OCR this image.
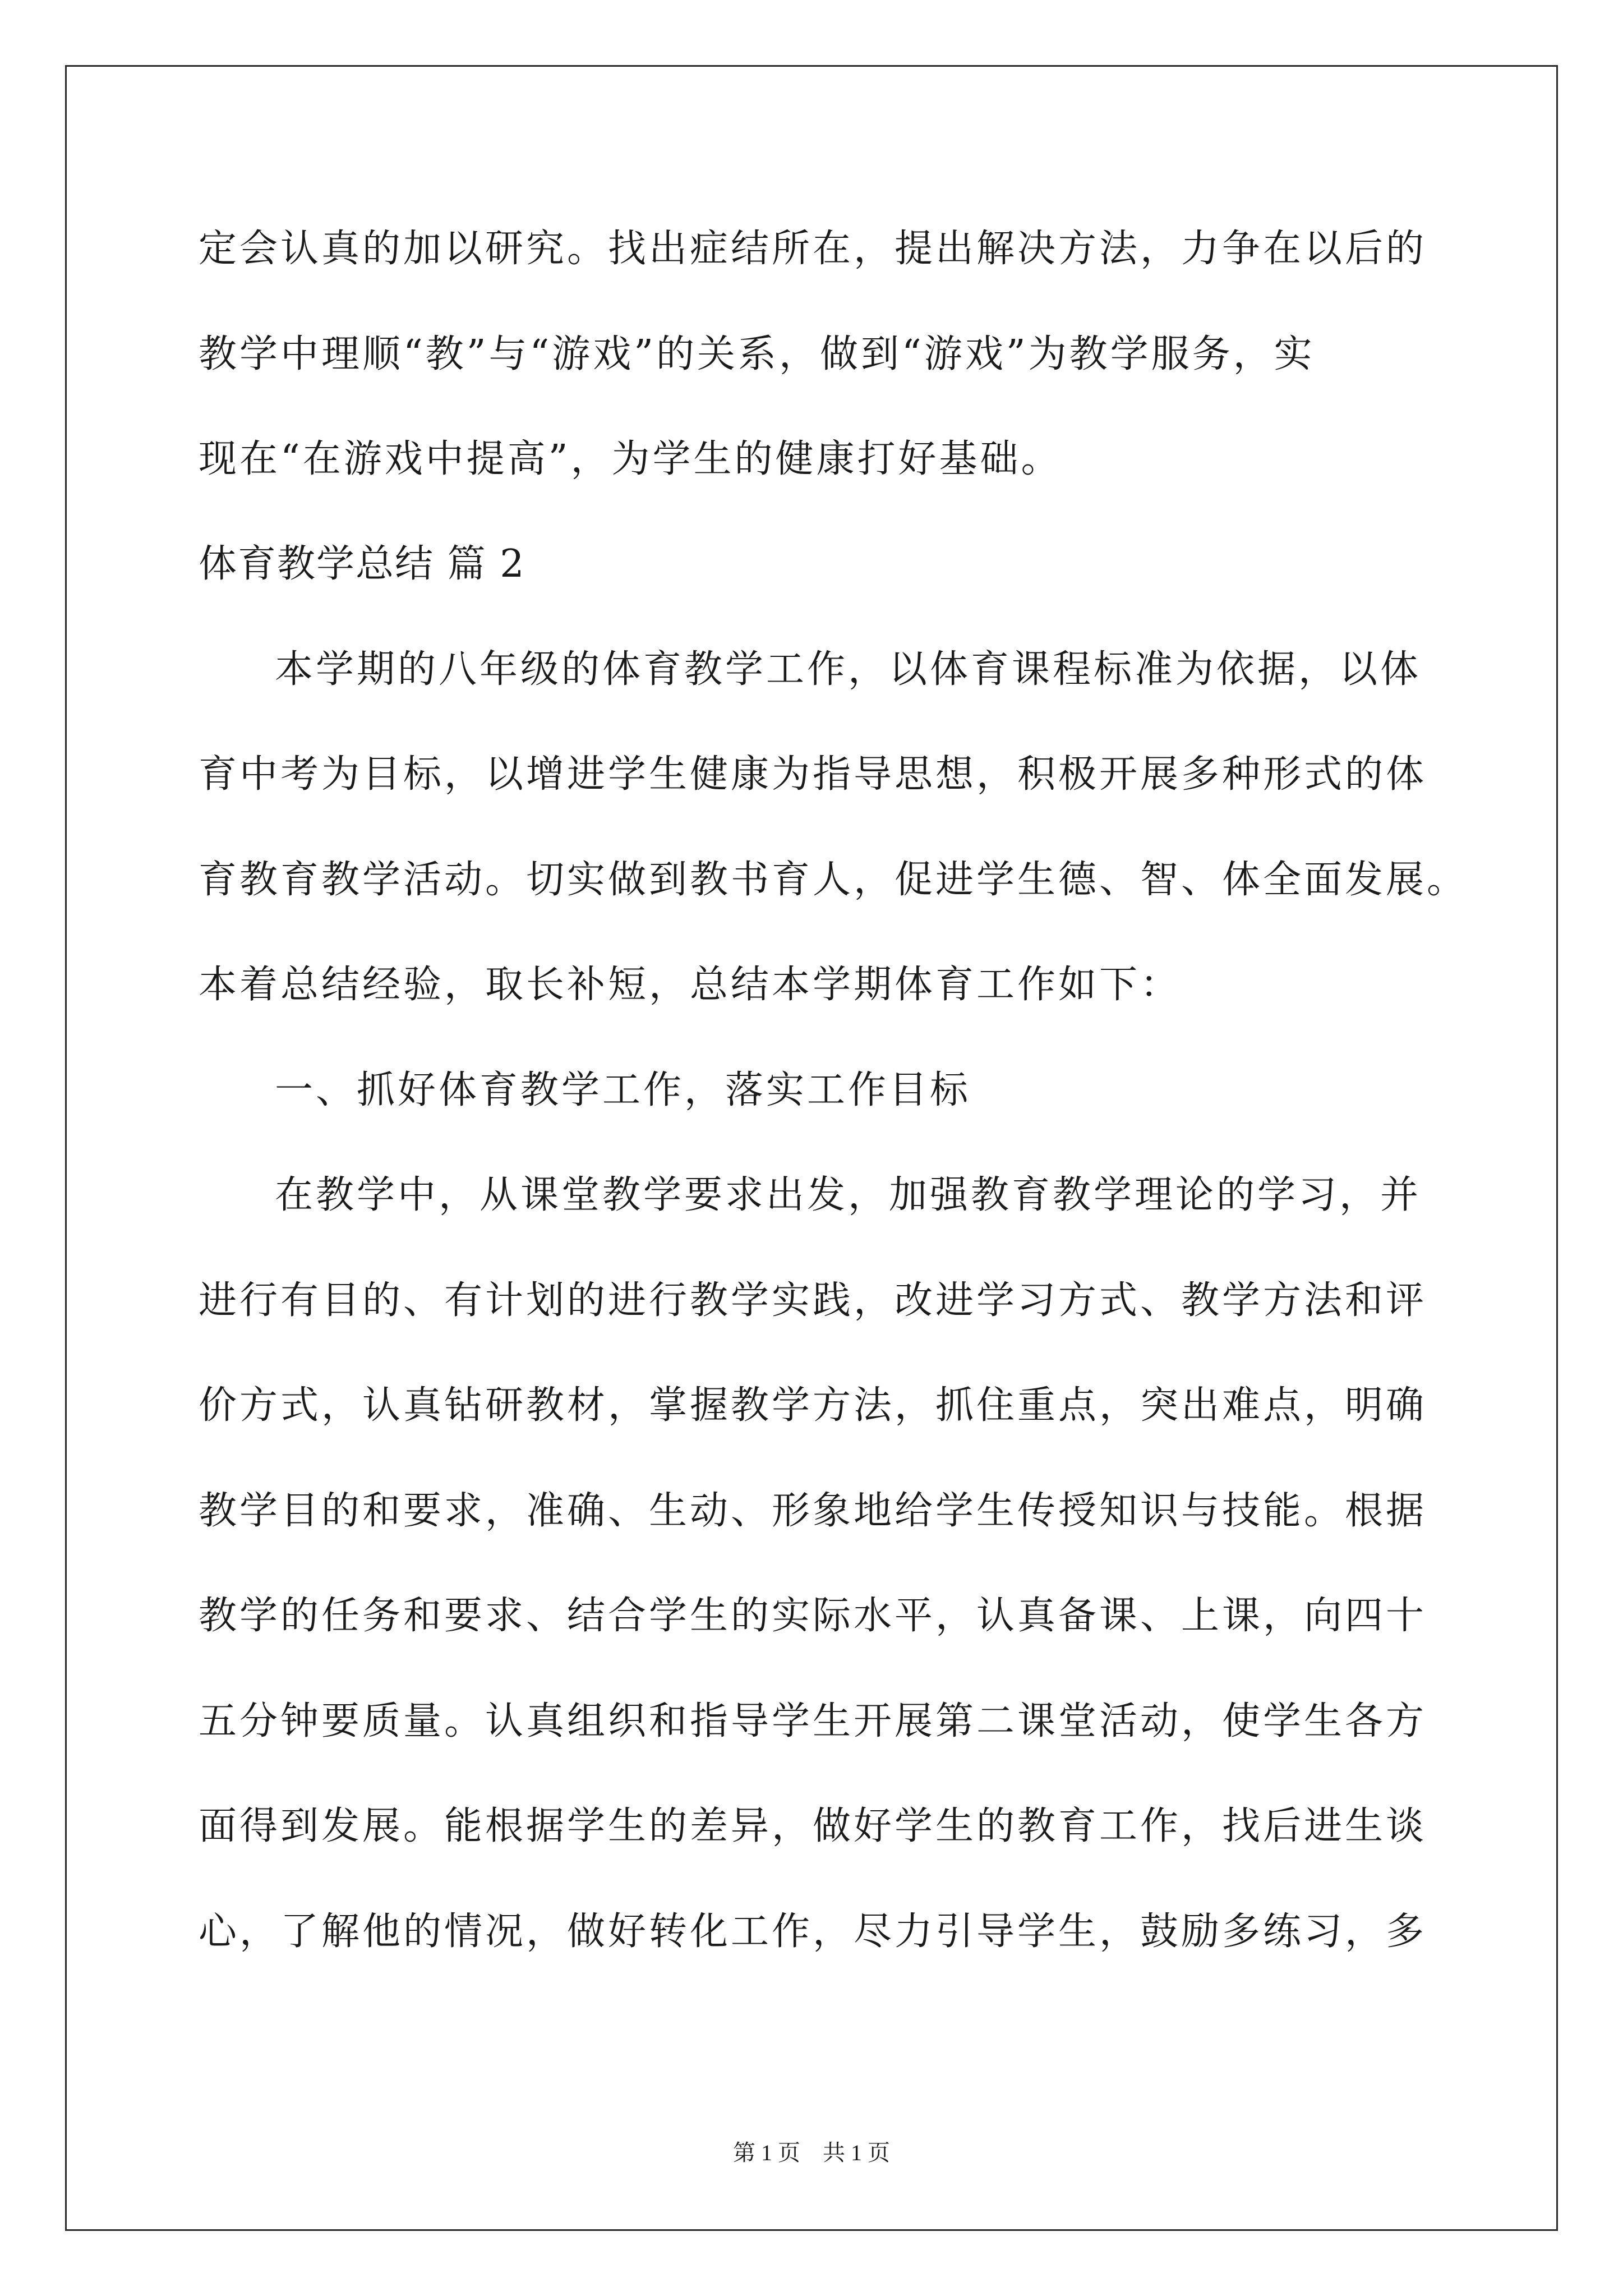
定会认真的加以研究。找出症结所在，提出解决方法，力争在以后的
教学中理顺“教”与“游戏”的关系，做到“游戏”为教学服务，实
现在“在游戏中提高”，为学生的健康打好基础。
体育教学总结 篇 2
本学期的八年级的体育教学工作，以体育课程标准为依据，以体
育中考为目标，以增进学生健康为指导思想，积极开展多种形式的体
育教育教学活动。切实做到教书育人，促进学生德、智、体全面发展。
本着总结经验，取长补短，总结本学期体育工作如下：
一、抓好体育教学工作，落实工作目标
在教学中，从课堂教学要求出发，加强教育教学理论的学习，并
进行有目的、有计划的进行教学实践，改进学习方式、教学方法和评
价方式，认真钻研教材，掌握教学方法，抓住重点，突出难点，明确
教学目的和要求，准确、生动、形象地给学生传授知识与技能。根据
教学的任务和要求、结合学生的实际水平，认真备课、上课，向四十
五分钟要质量。认真组织和指导学生开展第二课堂活动，使学生各方
面得到发展。能根据学生的差异，做好学生的教育工作，找后进生谈
心，了解他的情况，做好转化工作，尽力引导学生，鼓励多练习，多
第 1 页　共 1 页
